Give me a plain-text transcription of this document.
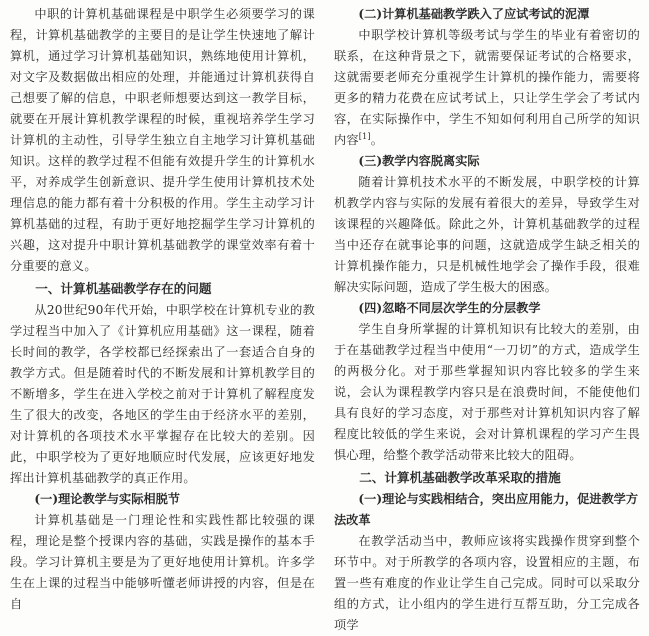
中职的计算机基础课程是中职学生必须要学习的课程，计算机基础教学的主要目的是让学生快速地了解计算机，通过学习计算机基础知识，熟练地使用计算机，对文字及数据做出相应的处理，并能通过计算机获得自己想要了解的信息，中职老师想要达到这一教学目标，就要在开展计算机教学课程的时候，重视培养学生学习计算机的主动性，引导学生独立自主地学习计算机基础知识。这样的教学过程不但能有效提升学生的计算机水平，对养成学生创新意识、提升学生使用计算机技术处理信息的能力都有着十分积极的作用。学生主动学习计算机基础的过程，有助于更好地挖掘学生学习计算机的兴趣，这对提升中职计算机基础教学的课堂效率有着十分重要的意义。

一、计算机基础教学存在的问题

从20世纪90年代开始，中职学校在计算机专业的教学过程当中加入了《计算机应用基础》这一课程，随着长时间的教学，各学校都已经探索出了一套适合自身的教学方式。但是随着时代的不断发展和计算机教学目的不断增多，学生在进入学校之前对于计算机了解程度发生了很大的改变，各地区的学生由于经济水平的差别，对计算机的各项技术水平掌握存在比较大的差别。因此，中职学校为了更好地顺应时代发展，应该更好地发挥出计算机基础教学的真正作用。

(一)理论教学与实际相脱节

计算机基础是一门理论性和实践性都比较强的课程，理论是整个授课内容的基础，实践是操作的基本手段。学习计算机主要是为了更好地使用计算机。许多学生在上课的过程当中能够听懂老师讲授的内容，但是在自

(二)计算机基础教学跌入了应试考试的泥潭

中职学校计算机等级考试与学生的毕业有着密切的联系，在这种背景之下，就需要保证考试的合格要求，这就需要老师充分重视学生计算机的操作能力，需要将更多的精力花费在应试考试上，只让学生学会了考试内容，在实际操作中，学生不知如何利用自己所学的知识内容[1]。

(三)教学内容脱离实际

随着计算机技术水平的不断发展，中职学校的计算机教学内容与实际的发展有着很大的差异，导致学生对该课程的兴趣降低。除此之外，计算机基础教学的过程当中还存在就事论事的问题，这就造成学生缺乏相关的计算机操作能力，只是机械性地学会了操作手段，很难解决实际问题，造成了学生极大的困惑。

(四)忽略不同层次学生的分层教学

学生自身所掌握的计算机知识有比较大的差别，由于在基础教学过程当中使用“一刀切”的方式，造成学生的两极分化。对于那些掌握知识内容比较多的学生来说，会认为课程教学内容只是在浪费时间，不能使他们具有良好的学习态度，对于那些对计算机知识内容了解程度比较低的学生来说，会对计算机课程的学习产生畏惧心理，给整个教学活动带来比较大的阻碍。

二、计算机基础教学改革采取的措施
(一)理论与实践相结合，突出应用能力，促进教学方法改革

在教学活动当中，教师应该将实践操作贯穿到整个环节中。对于所教学的各项内容，设置相应的主题，布置一些有难度的作业让学生自己完成。同时可以采取分组的方式，让小组内的学生进行互帮互助，分工完成各项学
